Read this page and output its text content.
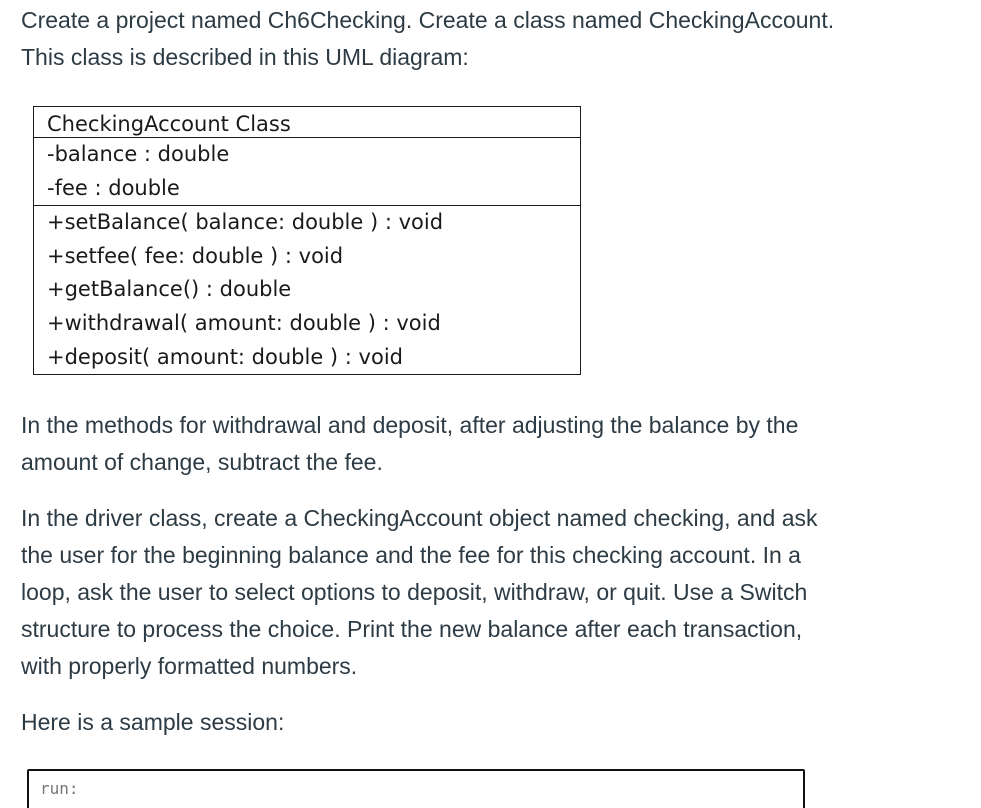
Create a project named Ch6Checking. Create a class named CheckingAccount.
This class is described in this UML diagram:
CheckingAccount Class
-balance : double
-fee : double
+setBalance( balance: double ) : void
+setfee( fee: double ) : void
+getBalance() : double
+withdrawal( amount: double ) : void
+deposit( amount: double ) : void
In the methods for withdrawal and deposit, after adjusting the balance by the
amount of change, subtract the fee.
In the driver class, create a CheckingAccount object named checking, and ask
the user for the beginning balance and the fee for this checking account. In a
loop, ask the user to select options to deposit, withdraw, or quit. Use a Switch
structure to process the choice. Print the new balance after each transaction,
with properly formatted numbers.
Here is a sample session:
run:
